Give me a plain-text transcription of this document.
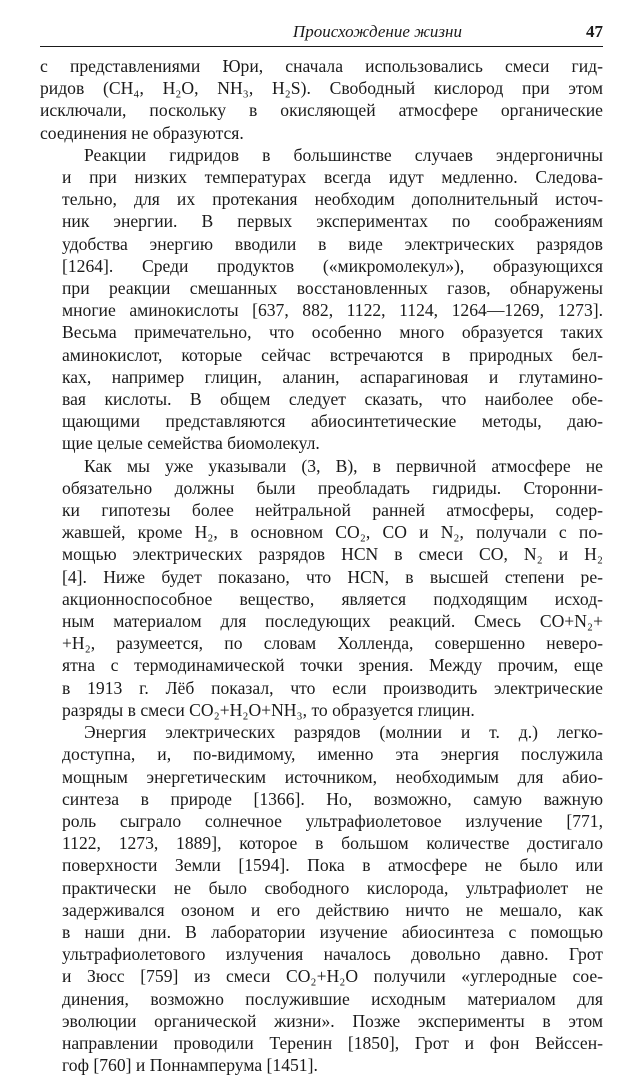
Происхождение жизни	47

с представлениями Юри, сначала использовались смеси гид-
ридов (CH₄, H₂O, NH₃, H₂S). Свободный кислород при этом
исключали, поскольку в окисляющей атмосфере органические
соединения не образуются.

Реакции гидридов в большинстве случаев эндергоничны
и при низких температурах всегда идут медленно. Следова-
тельно, для их протекания необходим дополнительный источ-
ник энергии. В первых экспериментах по соображениям
удобства энергию вводили в виде электрических разрядов
[1264]. Среди продуктов («микромолекул»), образующихся
при реакции смешанных восстановленных газов, обнаружены
многие аминокислоты [637, 882, 1122, 1124, 1264—1269, 1273].
Весьма примечательно, что особенно много образуется таких
аминокислот, которые сейчас встречаются в природных бел-
ках, например глицин, аланин, аспарагиновая и глутамино-
вая кислоты. В общем следует сказать, что наиболее обе-
щающими представляются абиосинтетические методы, даю-
щие целые семейства биомолекул.

Как мы уже указывали (3, B), в первичной атмосфере не
обязательно должны были преобладать гидриды. Сторонни-
ки гипотезы более нейтральной ранней атмосферы, содер-
жавшей, кроме H₂, в основном CO₂, CO и N₂, получали с по-
мощью электрических разрядов HCN в смеси CO, N₂ и H₂
[4]. Ниже будет показано, что HCN, в высшей степени ре-
акционноспособное вещество, является подходящим исход-
ным материалом для последующих реакций. Смесь CO+N₂+
+H₂, разумеется, по словам Холленда, совершенно неверо-
ятна с термодинамической точки зрения. Между прочим, еще
в 1913 г. Лёб показал, что если производить электрические
разряды в смеси CO₂+H₂O+NH₃, то образуется глицин.

Энергия электрических разрядов (молнии и т. д.) легко-
доступна, и, по-видимому, именно эта энергия послужила
мощным энергетическим источником, необходимым для абио-
синтеза в природе [1366]. Но, возможно, самую важную
роль сыграло солнечное ультрафиолетовое излучение [771,
1122, 1273, 1889], которое в большом количестве достигало
поверхности Земли [1594]. Пока в атмосфере не было или
практически не было свободного кислорода, ультрафиолет не
задерживался озоном и его действию ничто не мешало, как
в наши дни. В лаборатории изучение абиосинтеза с помощью
ультрафиолетового излучения началось довольно давно. Грот
и Зюсс [759] из смеси CO₂+H₂O получили «углеродные сое-
динения, возможно послужившие исходным материалом для
эволюции органической жизни». Позже эксперименты в этом
направлении проводили Теренин [1850], Грот и фон Вейссен-
гоф [760] и Поннамперума [1451].
